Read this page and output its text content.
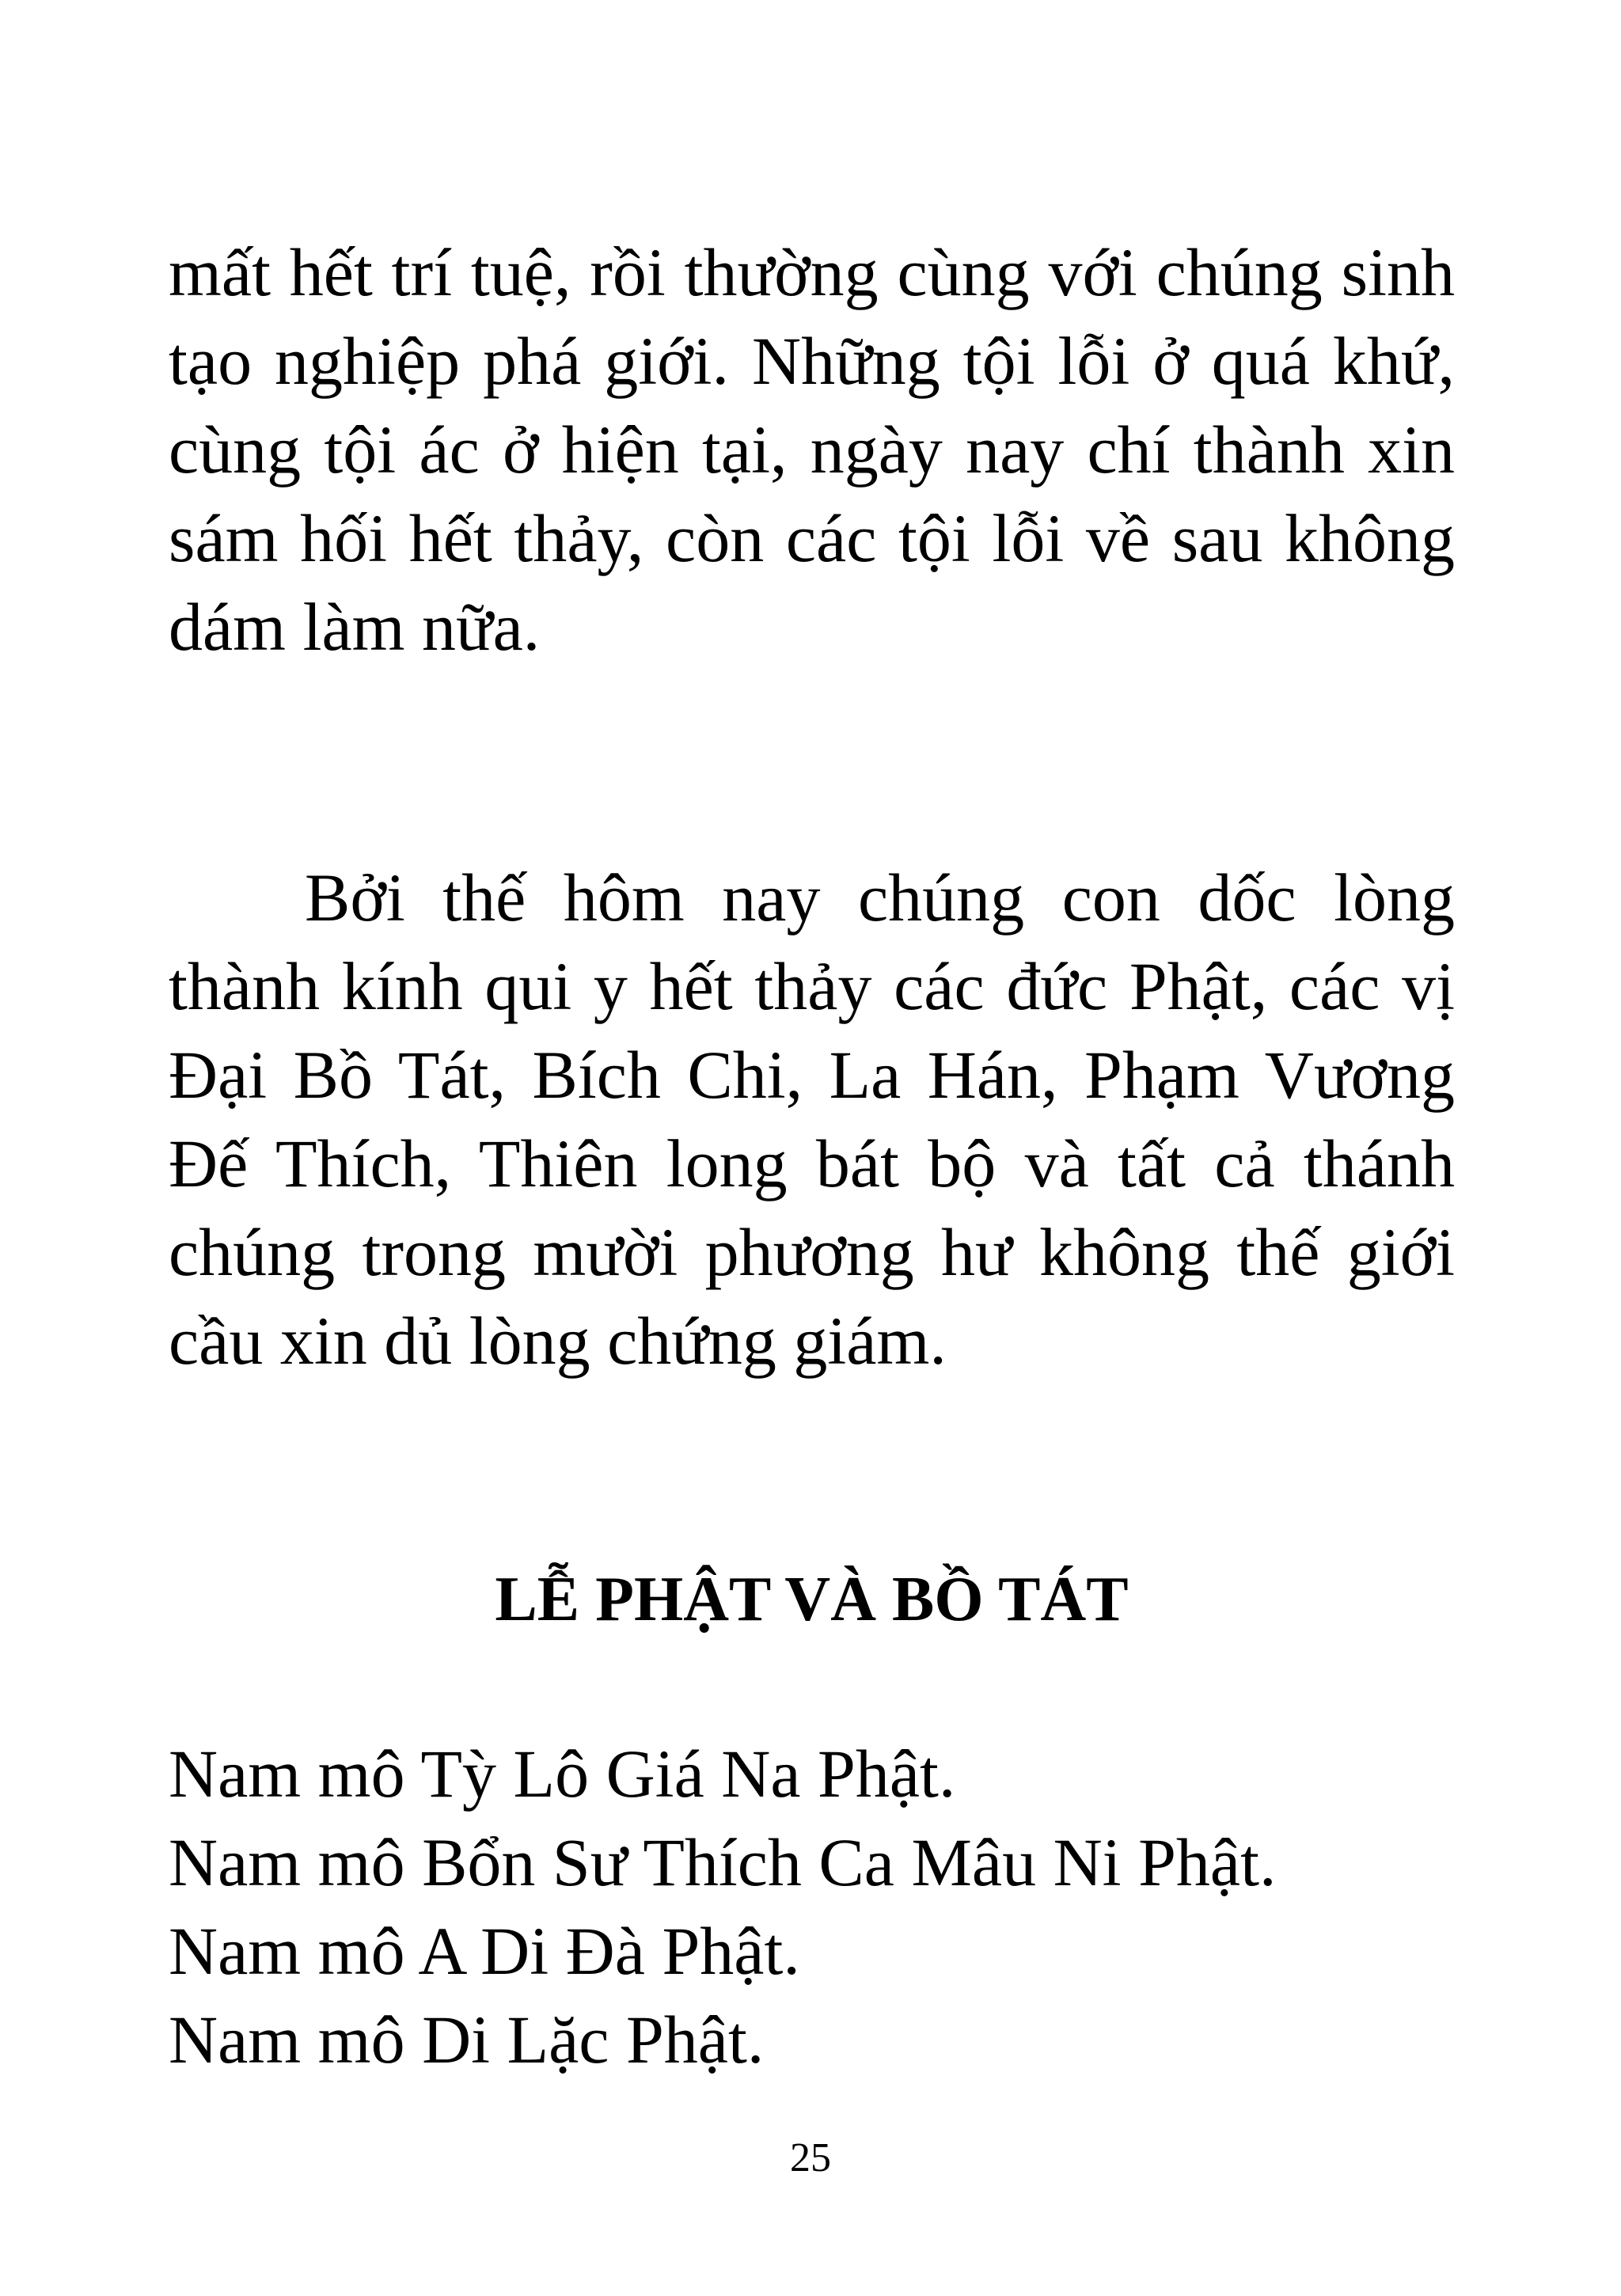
mất hết trí tuệ, rồi thường cùng với chúng sinh tạo nghiệp phá giới. Những tội lỗi ở quá khứ, cùng tội ác ở hiện tại, ngày nay chí thành xin sám hối hết thảy, còn các tội lỗi về sau không dám làm nữa.

Bởi thế hôm nay chúng con dốc lòng thành kính qui y hết thảy các đức Phật, các vị Đại Bồ Tát, Bích Chi, La Hán, Phạm Vương Đế Thích, Thiên long bát bộ và tất cả thánh chúng trong mười phương hư không thế giới cầu xin dủ lòng chứng giám.

LỄ PHẬT VÀ BỒ TÁT
Nam mô Tỳ Lô Giá Na Phật.
Nam mô Bổn Sư Thích Ca Mâu Ni Phật.
Nam mô A Di Đà Phật.
Nam mô Di Lặc Phật.
25
